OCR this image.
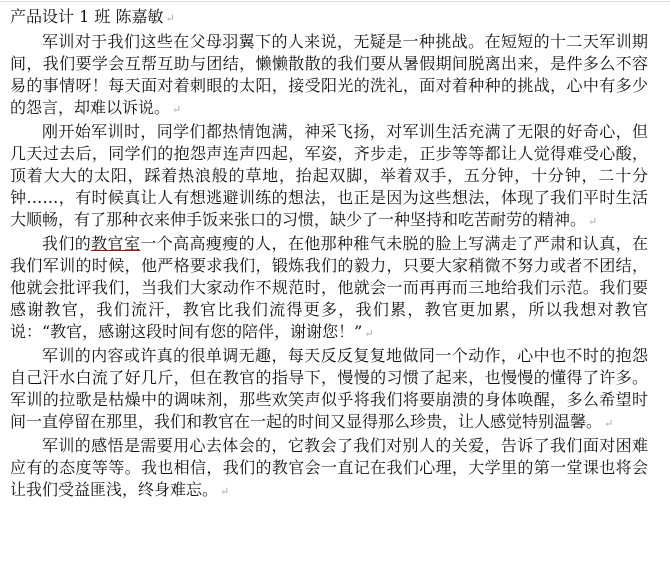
产品设计 1 班 陈嘉敏 ↵

军训对于我们这些在父母羽翼下的人来说，无疑是一种挑战。在短短的十二天军训期间，我们要学会互帮互助与团结，懒懒散散的我们要从暑假期间脱离出来，是件多么不容易的事情呀！每天面对着刺眼的太阳，接受阳光的洗礼，面对着种种的挑战，心中有多少的怨言，却难以诉说。 ↵

刚开始军训时，同学们都热情饱满，神采飞扬，对军训生活充满了无限的好奇心，但几天过去后，同学们的抱怨声连声四起，军姿，齐步走，正步等等都让人觉得难受心酸，顶着大大的太阳，踩着热浪般的草地，抬起双脚，举着双手，五分钟，十分钟，二十分钟……，有时候真让人有想逃避训练的想法，也正是因为这些想法，体现了我们平时生活大顺畅，有了那种衣来伸手饭来张口的习惯，缺少了一种坚持和吃苦耐劳的精神。 ↵

我们的教官室一个高高瘦瘦的人，在他那种稚气未脱的脸上写满走了严肃和认真，在我们军训的时候，他严格要求我们，锻炼我们的毅力，只要大家稍微不努力或者不团结，他就会批评我们，当我们大家动作不规范时，他就会一而再再而三地给我们示范。我们要感谢教官，我们流汗，教官比我们流得更多，我们累，教官更加累，所以我想对教官说：“教官，感谢这段时间有您的陪伴，谢谢您！” ↵

军训的内容或许真的很单调无趣，每天反反复复地做同一个动作，心中也不时的抱怨自己汗水白流了好几斤，但在教官的指导下，慢慢的习惯了起来，也慢慢的懂得了许多。军训的拉歌是枯燥中的调味剂，那些欢笑声似乎将我们将要崩溃的身体唤醒，多么希望时间一直停留在那里，我们和教官在一起的时间又显得那么珍贵，让人感觉特别温馨。 ↵

军训的感悟是需要用心去体会的，它教会了我们对别人的关爱，告诉了我们面对困难应有的态度等等。我也相信，我们的教官会一直记在我们心理，大学里的第一堂课也将会让我们受益匪浅，终身难忘。 ↵
